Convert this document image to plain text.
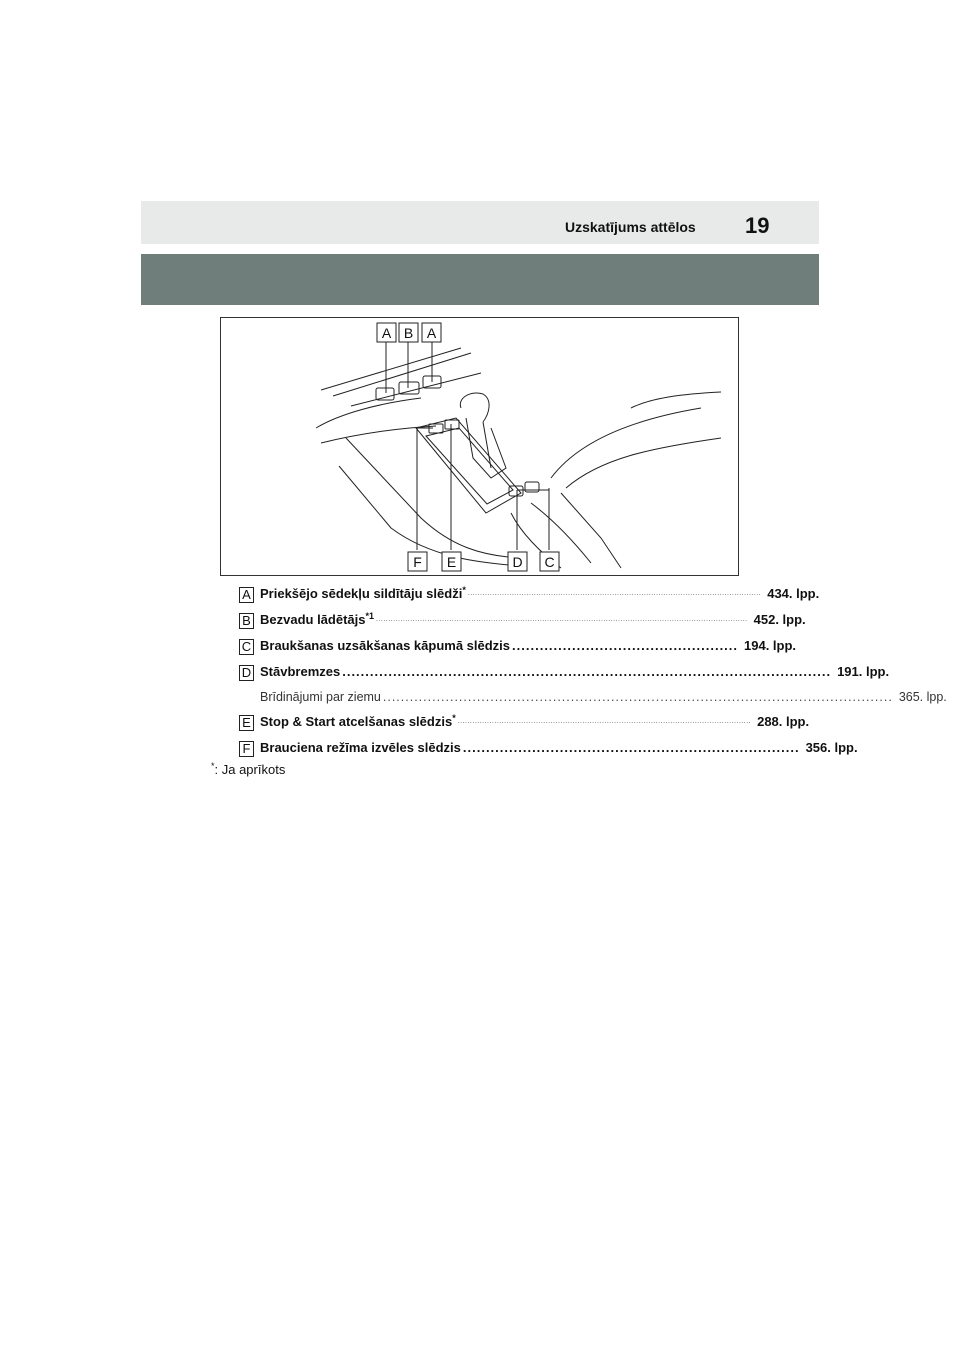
Uzskatījums attēlos 19
A B A
F E	D C
A Priekšējo sēdekļu sildītāju slēdži* ........................................................................................................................ 434. lpp.
B Bezvadu lādētājs$^{*1}$ ........................................................................................................................................................ 452. lpp.
C Braukšanas uzsākšanas kāpumā slēdzis ................................................. 194. lpp.
D Stāvbremzes .......................................................................................................... 191. lpp.
Brīdinājumi par ziemu .................................................................................................................. 365. lpp.
E Stop & Start atcelšanas slēdzis* ........................................................................................................................ 288. lpp.
F Brauciena režīma izvēles slēdzis ......................................................................... 356. lpp.
*: Ja aprīkots
